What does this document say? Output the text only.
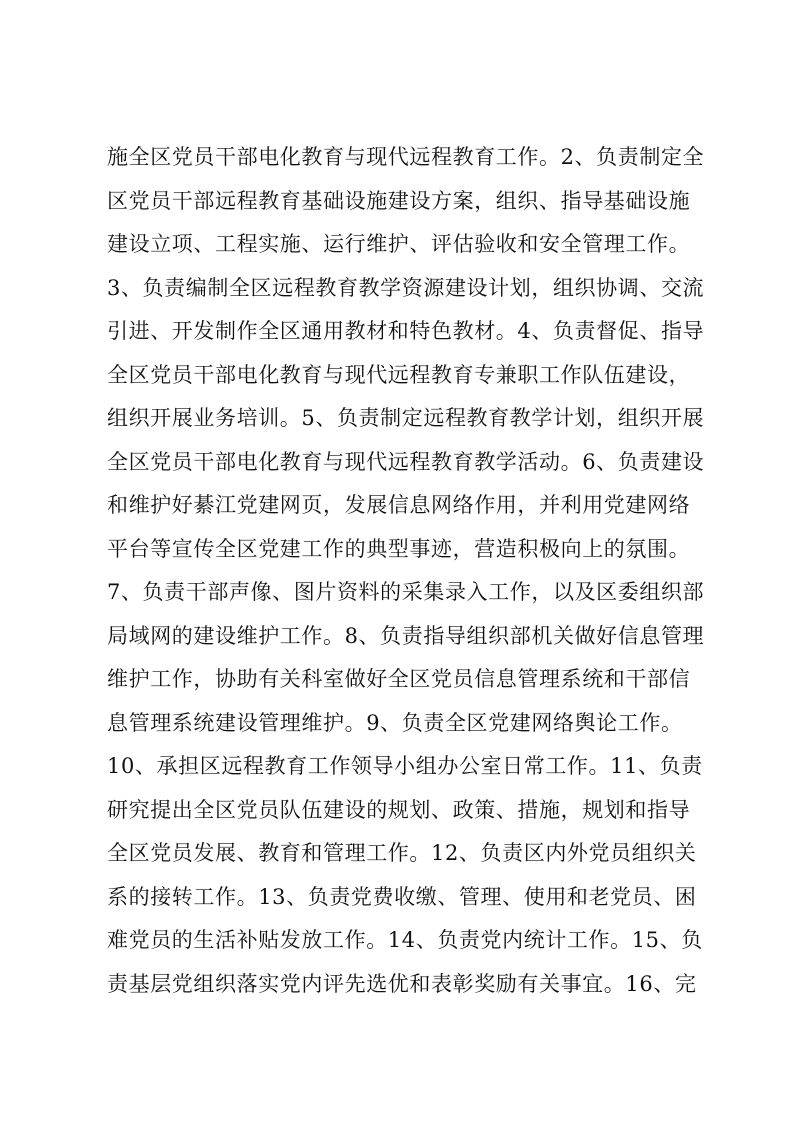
施全区党员干部电化教育与现代远程教育工作。2、负责制定全
区党员干部远程教育基础设施建设方案，组织、指导基础设施
建设立项、工程实施、运行维护、评估验收和安全管理工作。
3、负责编制全区远程教育教学资源建设计划，组织协调、交流
引进、开发制作全区通用教材和特色教材。4、负责督促、指导
全区党员干部电化教育与现代远程教育专兼职工作队伍建设，
组织开展业务培训。5、负责制定远程教育教学计划，组织开展
全区党员干部电化教育与现代远程教育教学活动。6、负责建设
和维护好綦江党建网页，发展信息网络作用，并利用党建网络
平台等宣传全区党建工作的典型事迹，营造积极向上的氛围。
7、负责干部声像、图片资料的采集录入工作，以及区委组织部
局域网的建设维护工作。8、负责指导组织部机关做好信息管理
维护工作，协助有关科室做好全区党员信息管理系统和干部信
息管理系统建设管理维护。9、负责全区党建网络舆论工作。
10、承担区远程教育工作领导小组办公室日常工作。11、负责
研究提出全区党员队伍建设的规划、政策、措施，规划和指导
全区党员发展、教育和管理工作。12、负责区内外党员组织关
系的接转工作。13、负责党费收缴、管理、使用和老党员、困
难党员的生活补贴发放工作。14、负责党内统计工作。15、负
责基层党组织落实党内评先选优和表彰奖励有关事宜。16、完
